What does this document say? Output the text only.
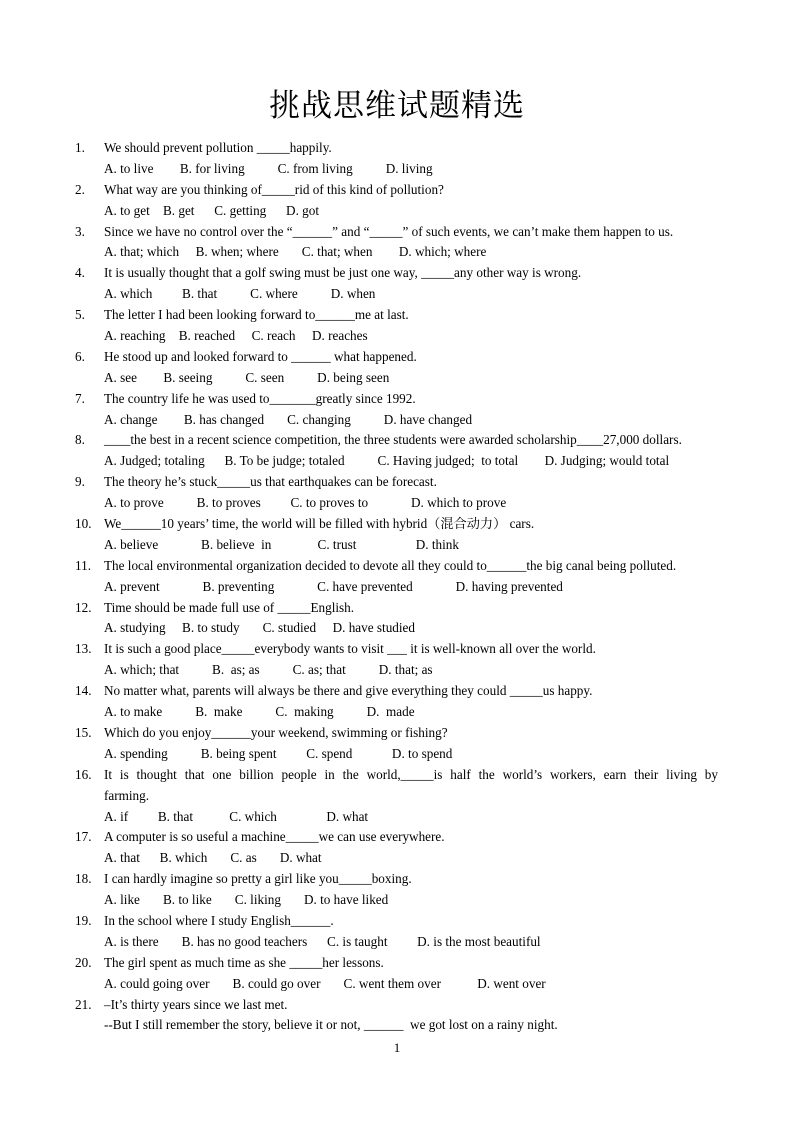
挑战思维试题精选
1. We should prevent pollution _____happily.
A. to live        B. for living          C. from living          D. living
2. What way are you thinking of_____rid of this kind of pollution?
A. to get    B. get      C. getting      D. got
3. Since we have no control over the “______” and “_____” of such events, we can’t make them happen to us.
A. that; which     B. when; where       C. that; when        D. which; where
4. It is usually thought that a golf swing must be just one way, _____any other way is wrong.
A. which         B. that          C. where          D. when
5. The letter I had been looking forward to______me at last.
A. reaching    B. reached     C. reach     D. reaches
6. He stood up and looked forward to ______ what happened.
A. see        B. seeing          C. seen          D. being seen
7. The country life he was used to_______greatly since 1992.
A. change        B. has changed       C. changing          D. have changed
8. ____the best in a recent science competition, the three students were awarded scholarship____27,000 dollars.
A. Judged; totaling      B. To be judge; totaled          C. Having judged;  to total        D. Judging; would total
9. The theory he’s stuck_____us that earthquakes can be forecast.
A. to prove          B. to proves         C. to proves to             D. which to prove
10. We______10 years’ time, the world will be filled with hybrid（混合动力） cars.
A. believe             B. believe  in              C. trust                  D. think
11. The local environmental organization decided to devote all they could to______the big canal being polluted.
A. prevent             B. preventing             C. have prevented             D. having prevented
12. Time should be made full use of _____English.
A. studying     B. to study       C. studied     D. have studied
13. It is such a good place_____everybody wants to visit ___ it is well-known all over the world.
A. which; that          B.  as; as          C. as; that          D. that; as
14. No matter what, parents will always be there and give everything they could _____us happy.
A. to make          B.  make          C.  making          D.  made
15. Which do you enjoy______your weekend, swimming or fishing?
A. spending          B. being spent         C. spend            D. to spend
16. It is thought that one billion people in the world,_____is half the world’s workers, earn their living by
farming.
A. if         B. that           C. which               D. what
17. A computer is so useful a machine_____we can use everywhere.
A. that      B. which       C. as       D. what
18. I can hardly imagine so pretty a girl like you_____boxing.
A. like       B. to like       C. liking       D. to have liked
19. In the school where I study English______.
A. is there       B. has no good teachers      C. is taught         D. is the most beautiful
20. The girl spent as much time as she _____her lessons.
A. could going over       B. could go over       C. went them over           D. went over
21. –It’s thirty years since we last met.
--But I still remember the story, believe it or not, ______  we got lost on a rainy night.
1
